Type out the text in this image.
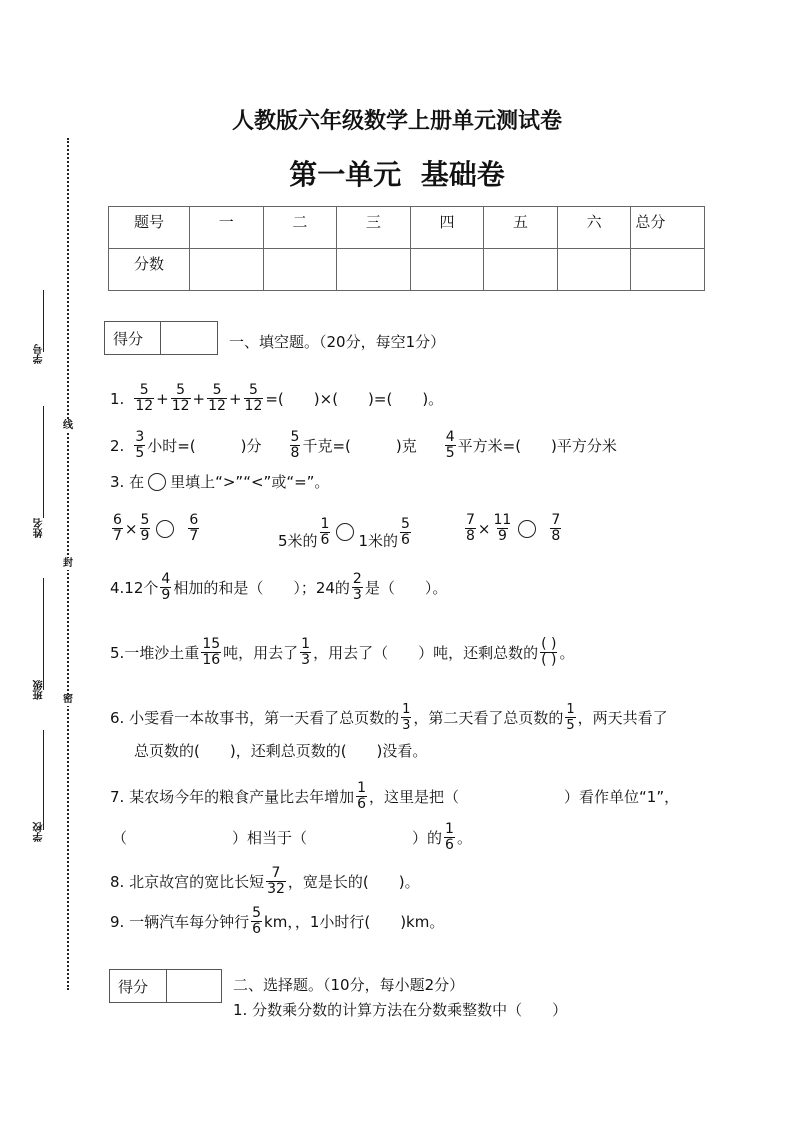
学号
姓名
班级
学校
线
封
密
人教版六年级数学上册单元测试卷
第一单元  基础卷
题号	一	二	三	四	五	六	总分
分数							
得分	一、填空题。（20分，每空1分）
1. $\frac{5}{12} + \frac{5}{12} + \frac{5}{12} + \frac{5}{12}$ =(　　)×(　　)=(　　)。
2. $\frac{3}{5}$ 小时=(　　　)分 $\frac{5}{8}$ 千克=(　　　)克 $\frac{4}{5}$ 平方米=(　　)平方分米
3. 在 里填上“>”“<”或“=”。
$\frac{6}{7} \times \frac{5}{9}$	$\frac{6}{7}$	5米的 $\frac{1}{6} 1$米的 $\frac{5}{6}$	$\frac{7}{8} \times \frac{11}{9}$	$\frac{7}{8}$
4.12个 $\frac{4}{9}$ 相加的和是（　　）；24的 $\frac{2}{3}$ 是（　　）。
5.一堆沙土重 $\frac{15}{16}$ 吨，用去了 $\frac{1}{3}$ ，用去了（　　）吨，还剩总数的 $\frac{( )}{( )}$ 。
6. 小雯看一本故事书，第一天看了总页数的 $\frac{1}{3}$ ，第二天看了总页数的 $\frac{1}{5}$ ，两天共看了
总页数的(　　)，还剩总页数的(　　)没看。
7. 某农场今年的粮食产量比去年增加 $\frac{1}{6}$ ，这里是把（　　　　　　　）看作单位“1”，
（　　　　　　　）相当于（　　　　　　　）的 $\frac{1}{6}$ 。
8. 北京故宫的宽比长短 $\frac{7}{32}$ ，宽是长的(　　)。
9. 一辆汽车每分钟行 $\frac{5}{6}$ km，，1小时行(　　)km。
得分	二、选择题。（10分，每小题2分）
1. 分数乘分数的计算方法在分数乘整数中（　　）
